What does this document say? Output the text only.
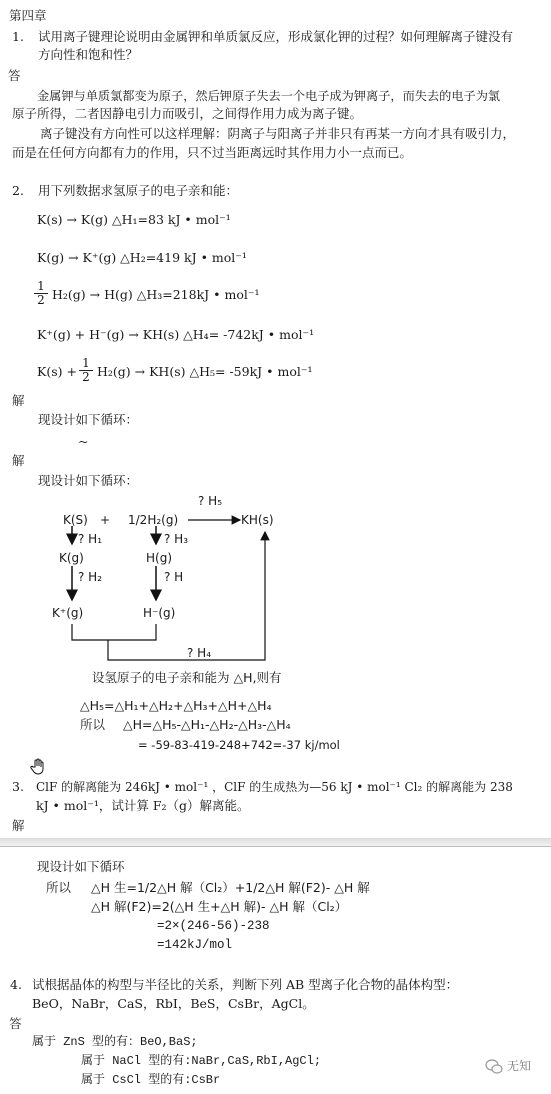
第四章
1. 试用离子键理论说明由金属钾和单质氯反应，形成氯化钾的过程？如何理解离子键没有
方向性和饱和性？
答
金属钾与单质氯都变为原子，然后钾原子失去一个电子成为钾离子，而失去的电子为氯
原子所得，二者因静电引力而吸引，之间得作用力成为离子键。
离子键没有方向性可以这样理解：阴离子与阳离子并非只有再某一方向才具有吸引力，
而是在任何方向都有力的作用，只不过当距离远时其作用力小一点而已。
2. 用下列数据求氢原子的电子亲和能：
K(s) → K(g) △H₁=83 kJ • mol⁻¹
K(g) → K⁺(g) △H₂=419 kJ • mol⁻¹
$\frac{1}{2} H_2(g) \to H(g)$ △H₃=218kJ • mol⁻¹
K⁺(g) + H⁻(g) → KH(s) △H₄= -742kJ • mol⁻¹
$K(s) + \frac{1}{2} H_2(g) \to KH(s)$ △H₅= -59kJ • mol⁻¹
解
现设计如下循环：
~
解
现设计如下循环：
K(S) + 1/2H₂(g)	KH(s)
? H₅
? H₁	? H₃
K(g)	H(g)
? H₂	? H
K⁺(g)	H⁻(g)
? H₄
设氢原子的电子亲和能为 △H,则有
△H₅=△H₁+△H₂+△H₃+△H+△H₄
所以 △H=△H₅-△H₁-△H₂-△H₃-△H₄
= -59-83-419-248+742=-37 kj/mol
3. ClF 的解离能为 246kJ • mol⁻¹ ，ClF 的生成热为—56 kJ • mol⁻¹ Cl₂ 的解离能为 238
kJ • mol⁻¹，试计算 F₂（g）解离能。
解
现设计如下循环
所以 △H 生=1/2△H 解（Cl₂）+1/2△H 解(F2)- △H 解
△H 解(F2)=2(△H 生+△H 解)- △H 解（Cl₂）
=2×(246-56)-238
=142kJ/mol
4. 试根据晶体的构型与半径比的关系，判断下列 AB 型离子化合物的晶体构型：
BeO，NaBr，CaS，RbI，BeS，CsBr，AgCl。
答
属于 ZnS 型的有：BeO,BaS;
属于 NaCl 型的有:NaBr,CaS,RbI,AgCl;
属于 CsCl 型的有:CsBr
无知
